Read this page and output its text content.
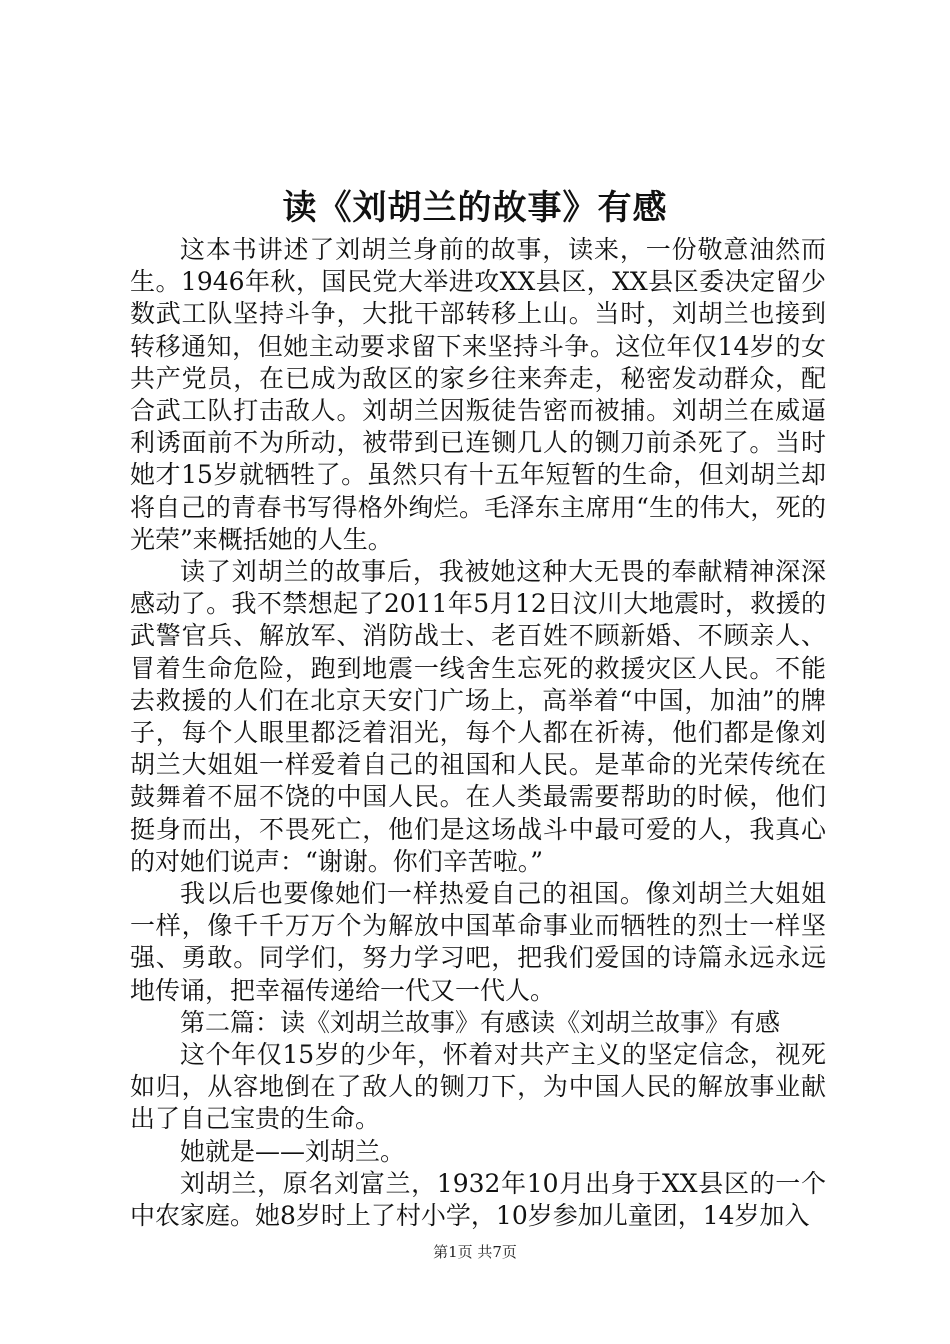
读《刘胡兰的故事》有感

这本书讲述了刘胡兰身前的故事，读来，一份敬意油然而生。1946年秋，国民党大举进攻XX县区，XX县区委决定留少数武工队坚持斗争，大批干部转移上山。当时，刘胡兰也接到转移通知，但她主动要求留下来坚持斗争。这位年仅14岁的女共产党员，在已成为敌区的家乡往来奔走，秘密发动群众，配合武工队打击敌人。刘胡兰因叛徒告密而被捕。刘胡兰在威逼利诱面前不为所动，被带到已连铡几人的铡刀前杀死了。当时她才15岁就牺牲了。虽然只有十五年短暂的生命，但刘胡兰却将自己的青春书写得格外绚烂。毛泽东主席用“生的伟大，死的光荣”来概括她的人生。

读了刘胡兰的故事后，我被她这种大无畏的奉献精神深深感动了。我不禁想起了2011年5月12日汶川大地震时，救援的武警官兵、解放军、消防战士、老百姓不顾新婚、不顾亲人、冒着生命危险，跑到地震一线舍生忘死的救援灾区人民。不能去救援的人们在北京天安门广场上，高举着“中国，加油”的牌子，每个人眼里都泛着泪光，每个人都在祈祷，他们都是像刘胡兰大姐姐一样爱着自己的祖国和人民。是革命的光荣传统在鼓舞着不屈不饶的中国人民。在人类最需要帮助的时候，他们挺身而出，不畏死亡，他们是这场战斗中最可爱的人，我真心的对她们说声：“谢谢。你们辛苦啦。”

我以后也要像她们一样热爱自己的祖国。像刘胡兰大姐姐一样，像千千万万个为解放中国革命事业而牺牲的烈士一样坚强、勇敢。同学们，努力学习吧，把我们爱国的诗篇永远永远地传诵，把幸福传递给一代又一代人。

第二篇：读《刘胡兰故事》有感读《刘胡兰故事》有感

这个年仅15岁的少年，怀着对共产主义的坚定信念，视死如归，从容地倒在了敌人的铡刀下，为中国人民的解放事业献出了自己宝贵的生命。

她就是——刘胡兰。

刘胡兰，原名刘富兰，1932年10月出身于XX县区的一个中农家庭。她8岁时上了村小学，10岁参加儿童团，14岁加入

第1页 共7页
